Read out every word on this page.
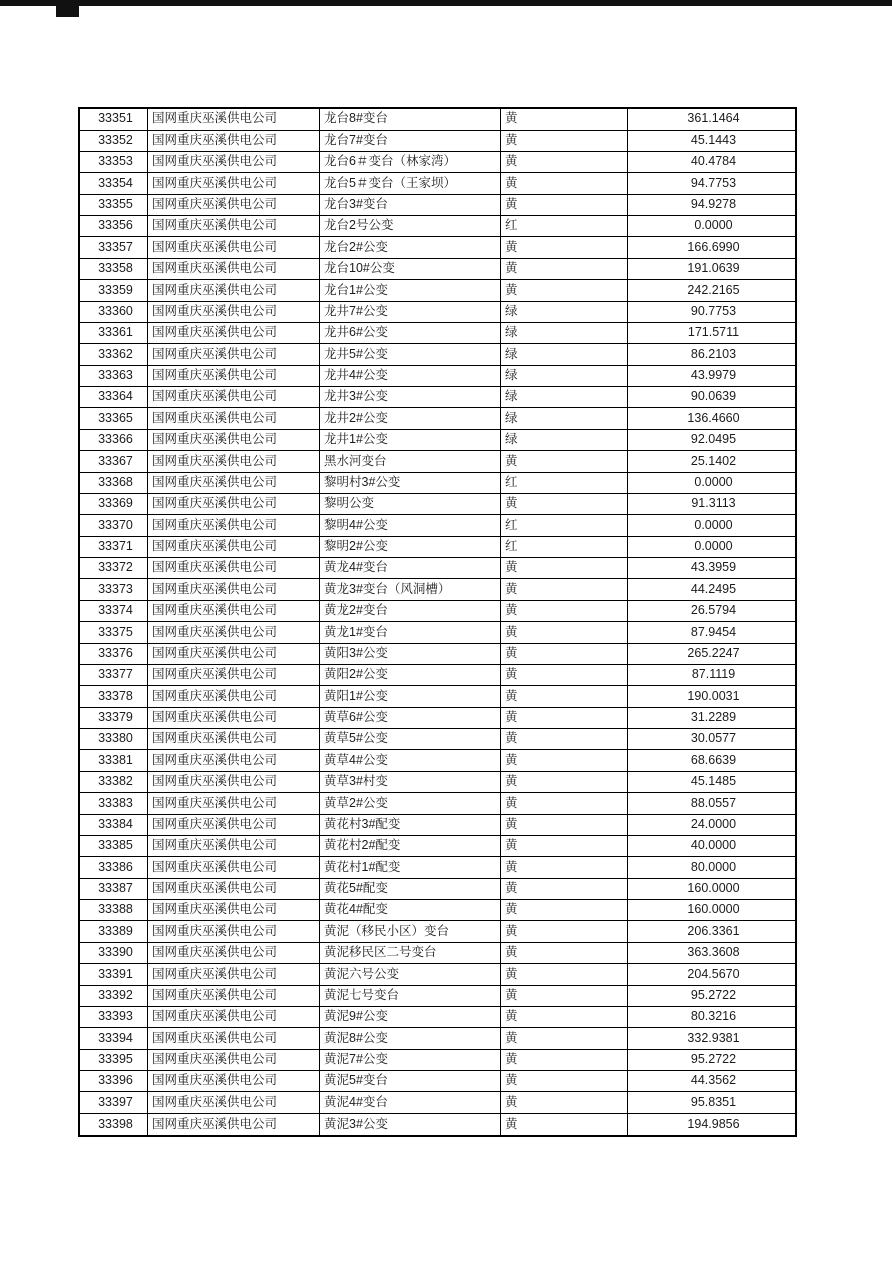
33351	国网重庆巫溪供电公司	龙台8#变台	黄	361.1464
33352	国网重庆巫溪供电公司	龙台7#变台	黄	45.1443
33353	国网重庆巫溪供电公司	龙台6＃变台（林家湾）	黄	40.4784
33354	国网重庆巫溪供电公司	龙台5＃变台（王家坝）	黄	94.7753
33355	国网重庆巫溪供电公司	龙台3#变台	黄	94.9278
33356	国网重庆巫溪供电公司	龙台2号公变	红	0.0000
33357	国网重庆巫溪供电公司	龙台2#公变	黄	166.6990
33358	国网重庆巫溪供电公司	龙台10#公变	黄	191.0639
33359	国网重庆巫溪供电公司	龙台1#公变	黄	242.2165
33360	国网重庆巫溪供电公司	龙井7#公变	绿	90.7753
33361	国网重庆巫溪供电公司	龙井6#公变	绿	171.5711
33362	国网重庆巫溪供电公司	龙井5#公变	绿	86.2103
33363	国网重庆巫溪供电公司	龙井4#公变	绿	43.9979
33364	国网重庆巫溪供电公司	龙井3#公变	绿	90.0639
33365	国网重庆巫溪供电公司	龙井2#公变	绿	136.4660
33366	国网重庆巫溪供电公司	龙井1#公变	绿	92.0495
33367	国网重庆巫溪供电公司	黑水河变台	黄	25.1402
33368	国网重庆巫溪供电公司	黎明村3#公变	红	0.0000
33369	国网重庆巫溪供电公司	黎明公变	黄	91.3113
33370	国网重庆巫溪供电公司	黎明4#公变	红	0.0000
33371	国网重庆巫溪供电公司	黎明2#公变	红	0.0000
33372	国网重庆巫溪供电公司	黄龙4#变台	黄	43.3959
33373	国网重庆巫溪供电公司	黄龙3#变台（风洞槽）	黄	44.2495
33374	国网重庆巫溪供电公司	黄龙2#变台	黄	26.5794
33375	国网重庆巫溪供电公司	黄龙1#变台	黄	87.9454
33376	国网重庆巫溪供电公司	黄阳3#公变	黄	265.2247
33377	国网重庆巫溪供电公司	黄阳2#公变	黄	87.1119
33378	国网重庆巫溪供电公司	黄阳1#公变	黄	190.0031
33379	国网重庆巫溪供电公司	黄草6#公变	黄	31.2289
33380	国网重庆巫溪供电公司	黄草5#公变	黄	30.0577
33381	国网重庆巫溪供电公司	黄草4#公变	黄	68.6639
33382	国网重庆巫溪供电公司	黄草3#村变	黄	45.1485
33383	国网重庆巫溪供电公司	黄草2#公变	黄	88.0557
33384	国网重庆巫溪供电公司	黄花村3#配变	黄	24.0000
33385	国网重庆巫溪供电公司	黄花村2#配变	黄	40.0000
33386	国网重庆巫溪供电公司	黄花村1#配变	黄	80.0000
33387	国网重庆巫溪供电公司	黄花5#配变	黄	160.0000
33388	国网重庆巫溪供电公司	黄花4#配变	黄	160.0000
33389	国网重庆巫溪供电公司	黄泥（移民小区）变台	黄	206.3361
33390	国网重庆巫溪供电公司	黄泥移民区二号变台	黄	363.3608
33391	国网重庆巫溪供电公司	黄泥六号公变	黄	204.5670
33392	国网重庆巫溪供电公司	黄泥七号变台	黄	95.2722
33393	国网重庆巫溪供电公司	黄泥9#公变	黄	80.3216
33394	国网重庆巫溪供电公司	黄泥8#公变	黄	332.9381
33395	国网重庆巫溪供电公司	黄泥7#公变	黄	95.2722
33396	国网重庆巫溪供电公司	黄泥5#变台	黄	44.3562
33397	国网重庆巫溪供电公司	黄泥4#变台	黄	95.8351
33398	国网重庆巫溪供电公司	黄泥3#公变	黄	194.9856
